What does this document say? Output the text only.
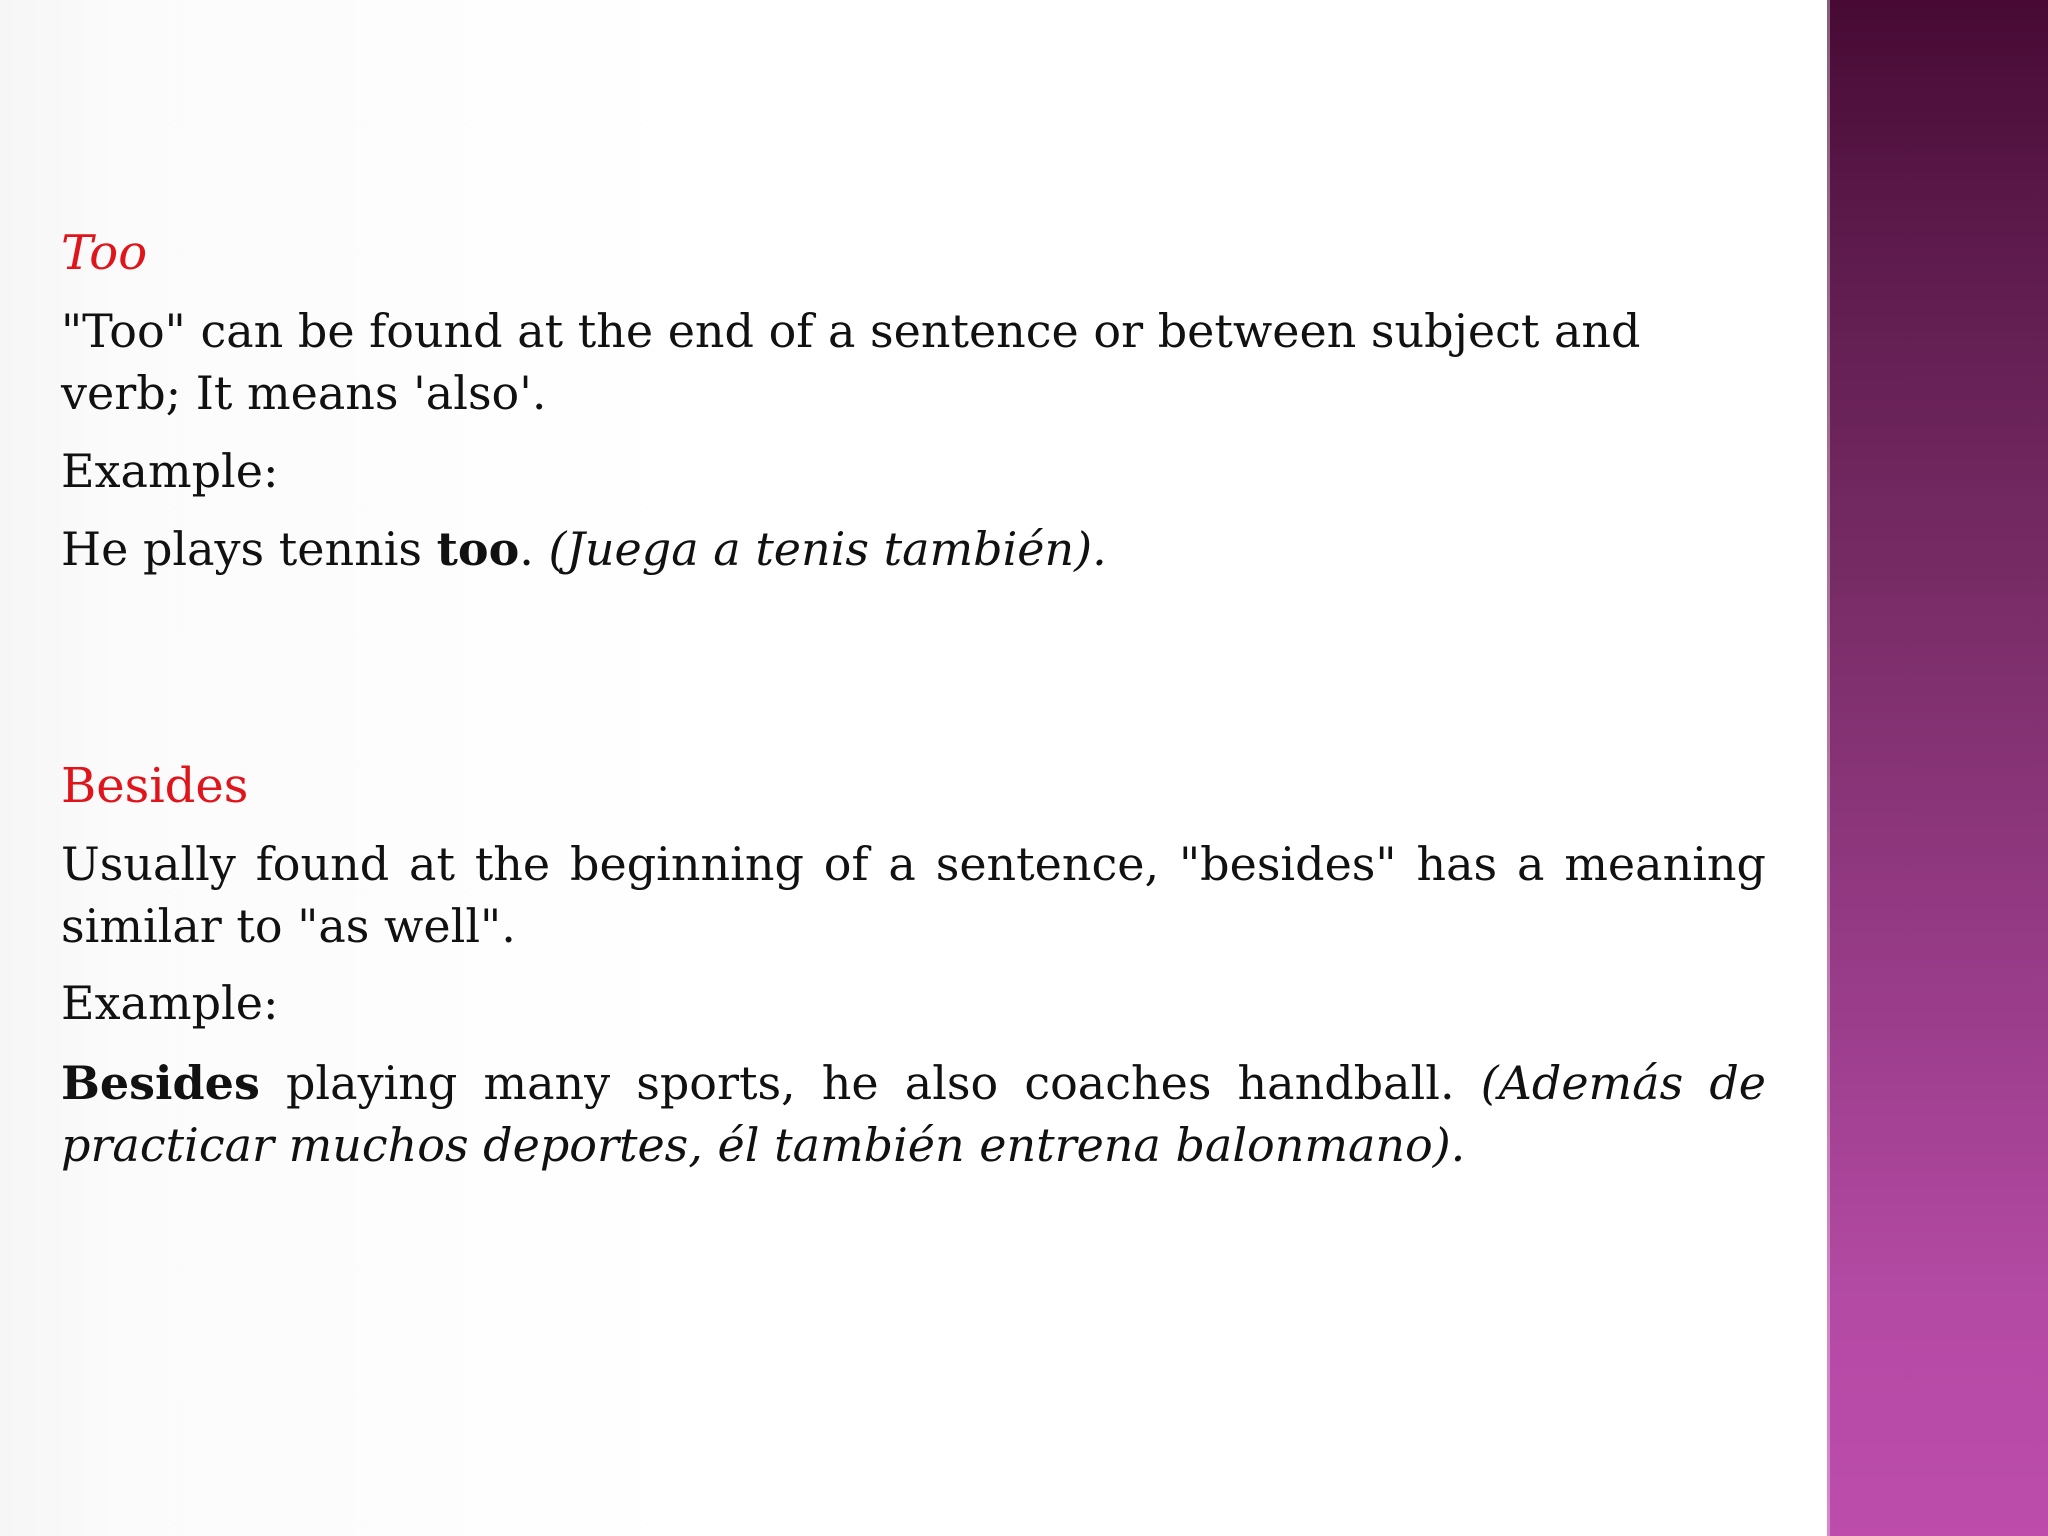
Too

"Too" can be found at the end of a sentence or between subject and verb; It means 'also'.

Example:

He plays tennis too. (Juega a tenis también).

Besides

Usually found at the beginning of a sentence, "besides" has a meaning similar to "as well".

Example:

Besides playing many sports, he also coaches handball. (Además de practicar muchos deportes, él también entrena balonmano).
